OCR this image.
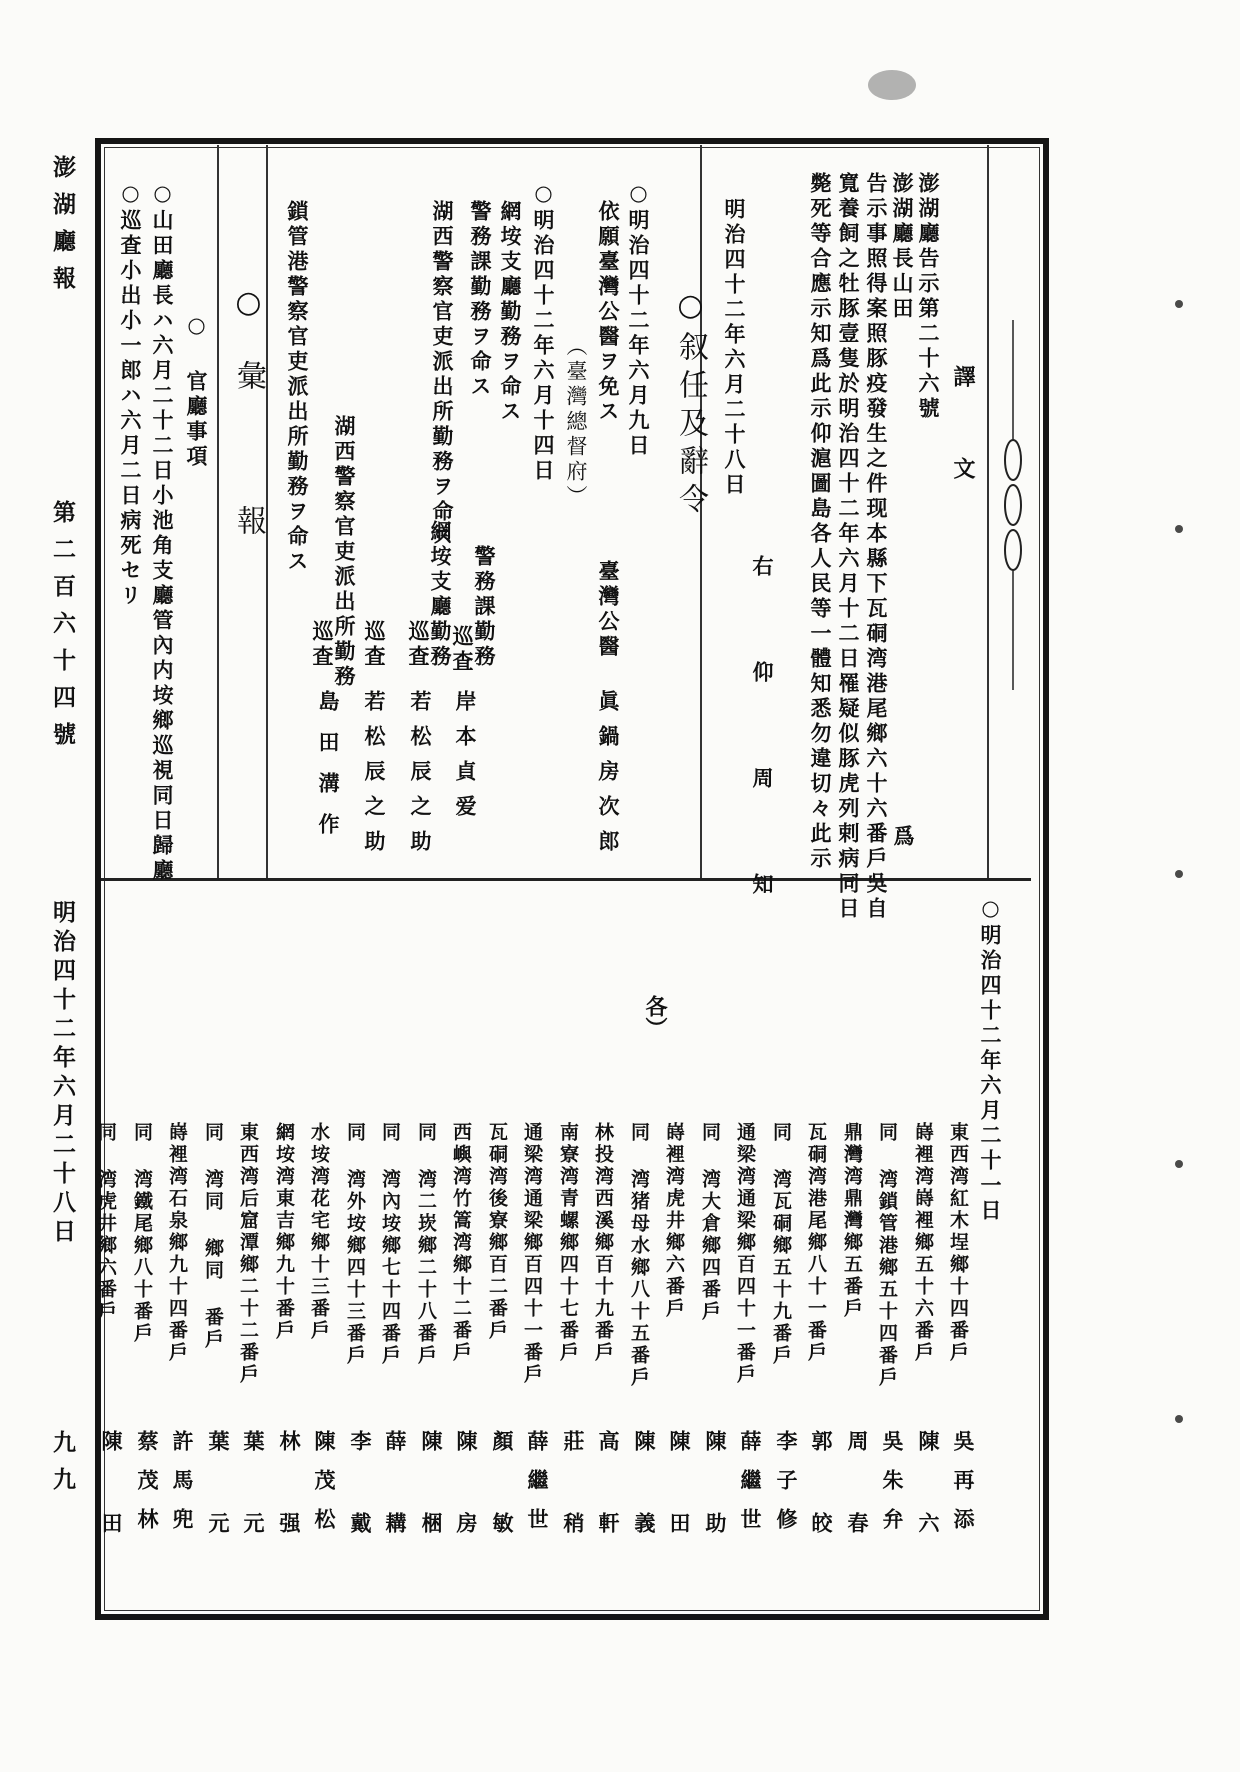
澎湖廳報
第二百六十四號
明治四十二年六月二十八日
九九
譯 文
澎湖廳告示第二十六號
澎湖廳長山田
告示事照得案照豚疫發生之件现本縣下瓦硐湾港尾鄉六十六番戶吳自
寬養飼之牡豚壹隻於明治四十二年六月十二日罹疑似豚虎列剌病同日
斃死等合應示知爲此示仰滬圖島各人民等一體知悉勿違切々此示	爲
右 仰 周 知
明治四十二年六月二十八日
○叙任及辭令
○明治四十二年六月九日
依願臺灣公醫ヲ免ス
（臺灣總督府）
臺灣公醫
眞鍋房次郎
○明治四十二年六月十四日
網垵支廳勤務ヲ命ス
警務課勤務ヲ命ス
湖西警察官吏派出所勤務ヲ命ス
鎖管港警察官吏派出所勤務ヲ命ス
警務課勤務
巡査
岸本貞爱
網垵支廳勤務
巡査
若松辰之助
巡査
若松辰之助
湖西警察官吏派出所勤務
巡査
島田溝作
○彙 報
○ 官廳事項
○山田廳長ハ六月二十二日小池角支廳管內内垵鄉巡視同日歸廳
○巡査小出小一郎ハ六月二日病死セリ
○明治四十二年六月二十一日
各）
東西湾紅木埕鄉十四番戶
吳再添
嵵裡湾嵵裡鄉五十六番戶
陳 六
同 湾鎖管港鄉五十四番戶
吳朱弁
鼎灣湾鼎灣鄉五番戶
周 春
瓦硐湾港尾鄉八十一番戶
郭 皎
同 湾瓦硐鄉五十九番戶
李子修
通梁湾通梁鄉百四十一番戶
薛繼世
同 湾大倉鄉四番戶
陳 助
嵵裡湾虎井鄉六番戶
陳 田
同 湾猪母水鄉八十五番戶
陳 義
林投湾西溪鄉百十九番戶
高 軒
南寮湾青螺鄉四十七番戶
莊 稍
通梁湾通梁鄉百四十一番戶
薛繼世
瓦硐湾後寮鄉百二番戶
顏 敏
西嶼湾竹篙湾鄉十二番戶
陳 房
同 湾二崁鄉二十八番戶
陳 梱
同 湾內垵鄉七十四番戶
薛 耩
同 湾外垵鄉四十三番戶
李 戴
水垵湾花宅鄉十三番戶
陳茂松
網垵湾東吉鄉九十番戶
林 强
東西湾后窟潭鄉二十二番戶
葉 元
同 湾同 鄉同 番戶
葉 元
嵵裡湾石泉鄉九十四番戶
許馬兜
同 湾鐵尾鄉八十番戶
蔡茂林
同 湾虎井鄉六番戶
陳 田
